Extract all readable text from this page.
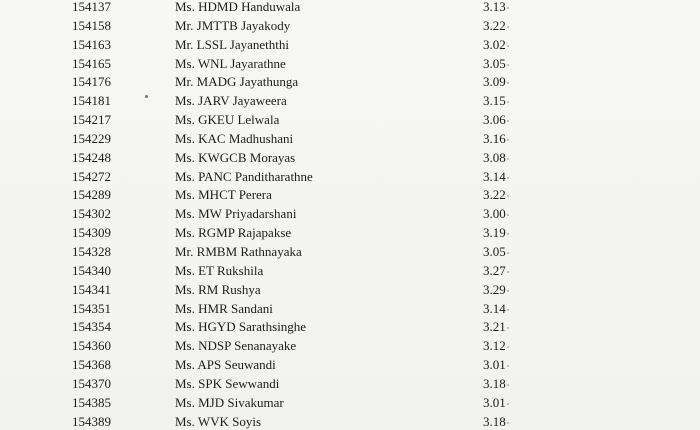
154137	Ms. HDMD Handuwala	3.13
154158	Mr. JMTTB Jayakody	3.22
154163	Mr. LSSL Jayaneththi	3.02
154165	Ms. WNL Jayarathne	3.05
154176	Mr. MADG Jayathunga	3.09
154181	Ms. JARV Jayaweera	3.15
154217	Ms. GKEU Lelwala	3.06
154229	Ms. KAC Madhushani	3.16
154248	Ms. KWGCB Morayas	3.08
154272	Ms. PANC Panditharathne	3.14
154289	Ms. MHCT Perera	3.22
154302	Ms. MW Priyadarshani	3.00
154309	Ms. RGMP Rajapakse	3.19
154328	Mr. RMBM Rathnayaka	3.05
154340	Ms. ET Rukshila	3.27
154341	Ms. RM Rushya	3.29
154351	Ms. HMR Sandani	3.14
154354	Ms. HGYD Sarathsinghe	3.21
154360	Ms. NDSP Senanayake	3.12
154368	Ms. APS Seuwandi	3.01
154370	Ms. SPK Sewwandi	3.18
154385	Ms. MJD Sivakumar	3.01
154389	Ms. WVK Soyis	3.18
